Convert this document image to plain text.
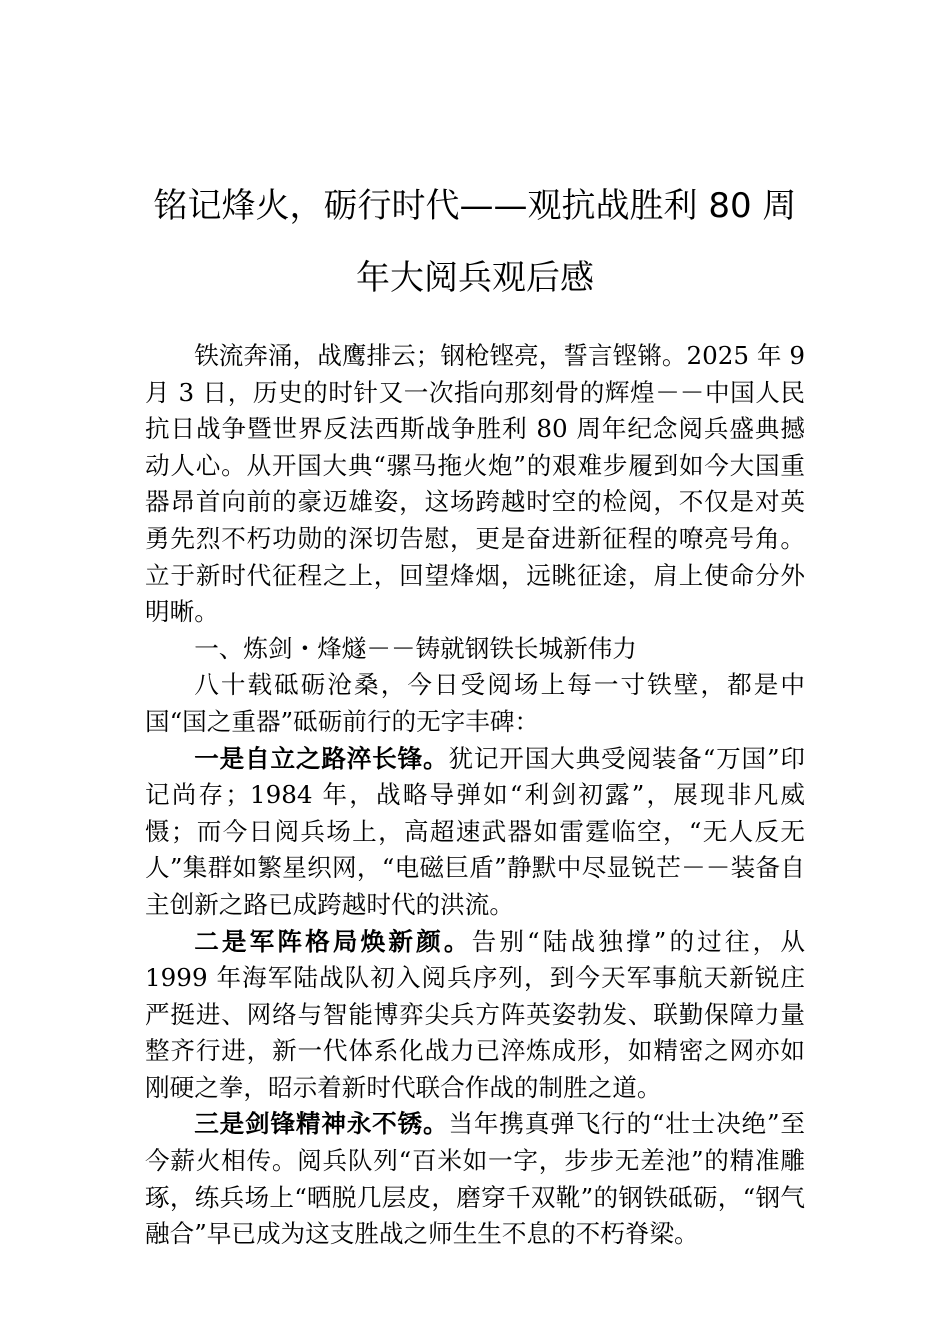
铭记烽火，砺行时代——观抗战胜利 80 周
年大阅兵观后感

铁流奔涌，战鹰排云；钢枪铿亮，誓言铿锵。2025 年 9 月 3 日，历史的时针又一次指向那刻骨的辉煌－－中国人民抗日战争暨世界反法西斯战争胜利 80 周年纪念阅兵盛典撼动人心。从开国大典“骡马拖火炮”的艰难步履到如今大国重器昂首向前的豪迈雄姿，这场跨越时空的检阅，不仅是对英勇先烈不朽功勋的深切告慰，更是奋进新征程的嘹亮号角。立于新时代征程之上，回望烽烟，远眺征途，肩上使命分外明晰。

一、炼剑・烽燧－－铸就钢铁长城新伟力

八十载砥砺沧桑，今日受阅场上每一寸铁壁，都是中国“国之重器”砥砺前行的无字丰碑：

一是自立之路淬长锋。犹记开国大典受阅装备“万国”印记尚存；1984 年，战略导弹如“利剑初露”，展现非凡威慑；而今日阅兵场上，高超速武器如雷霆临空，“无人反无人”集群如繁星织网，“电磁巨盾”静默中尽显锐芒－－装备自主创新之路已成跨越时代的洪流。

二是军阵格局焕新颜。告别“陆战独撑”的过往，从 1999 年海军陆战队初入阅兵序列，到今天军事航天新锐庄严挺进、网络与智能博弈尖兵方阵英姿勃发、联勤保障力量整齐行进，新一代体系化战力已淬炼成形，如精密之网亦如刚硬之拳，昭示着新时代联合作战的制胜之道。

三是剑锋精神永不锈。当年携真弹飞行的“壮士决绝”至今薪火相传。阅兵队列“百米如一字，步步无差池”的精准雕琢，练兵场上“晒脱几层皮，磨穿千双靴”的钢铁砥砺，“钢气融合”早已成为这支胜战之师生生不息的不朽脊梁。
